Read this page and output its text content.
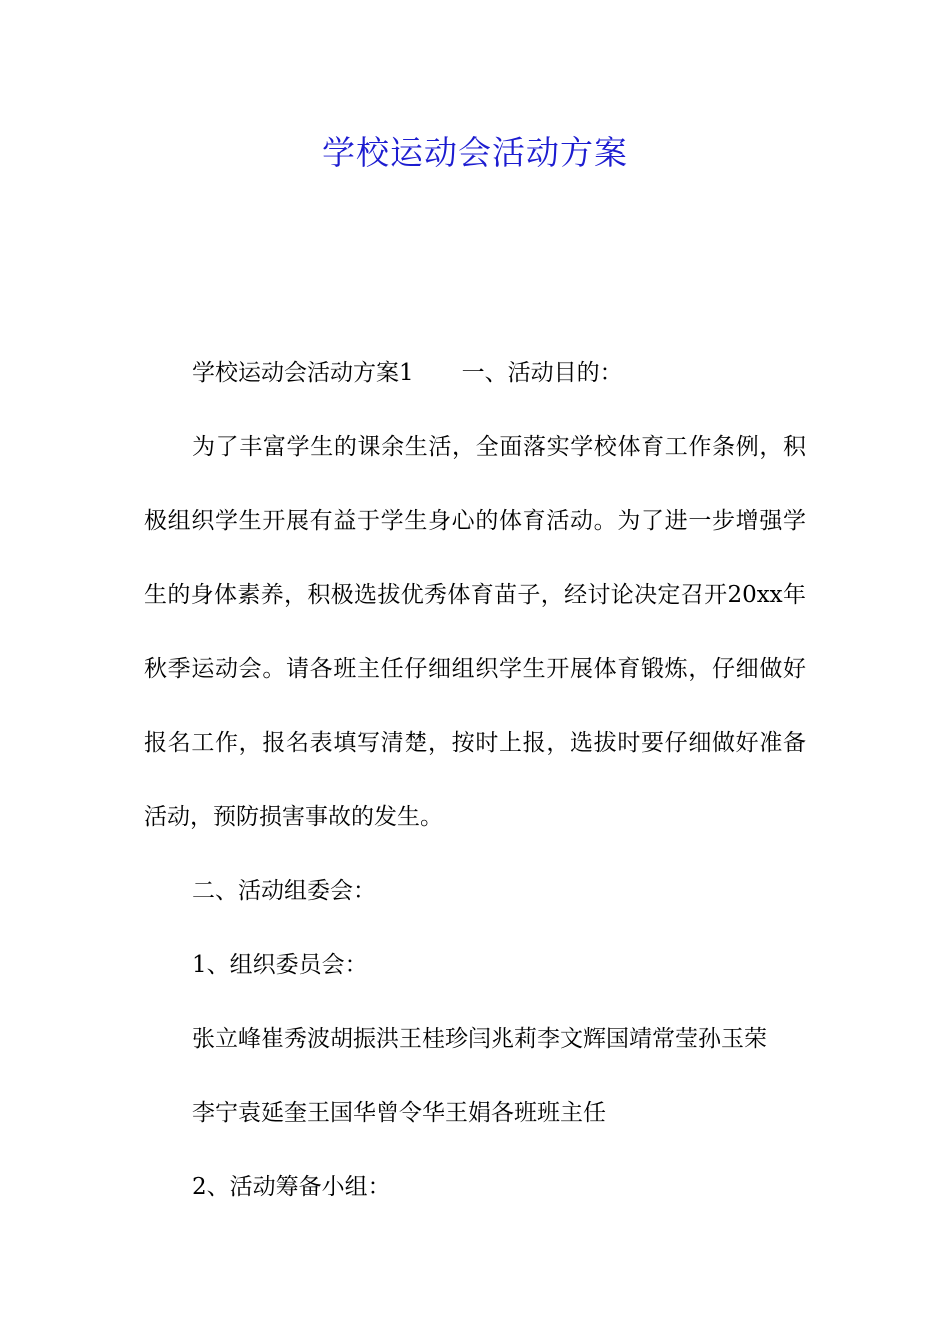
学校运动会活动方案

学校运动会活动方案1 一、活动目的：

为了丰富学生的课余生活，全面落实学校体育工作条例，积极组织学生开展有益于学生身心的体育活动。为了进一步增强学生的身体素养，积极选拔优秀体育苗子，经讨论决定召开20xx年秋季运动会。请各班主任仔细组织学生开展体育锻炼，仔细做好报名工作，报名表填写清楚，按时上报，选拔时要仔细做好准备活动，预防损害事故的发生。

二、活动组委会：

1、组织委员会：

张立峰崔秀波胡振洪王桂珍闫兆莉李文辉国靖常莹孙玉荣

李宁袁延奎王国华曾令华王娟各班班主任

2、活动筹备小组：
